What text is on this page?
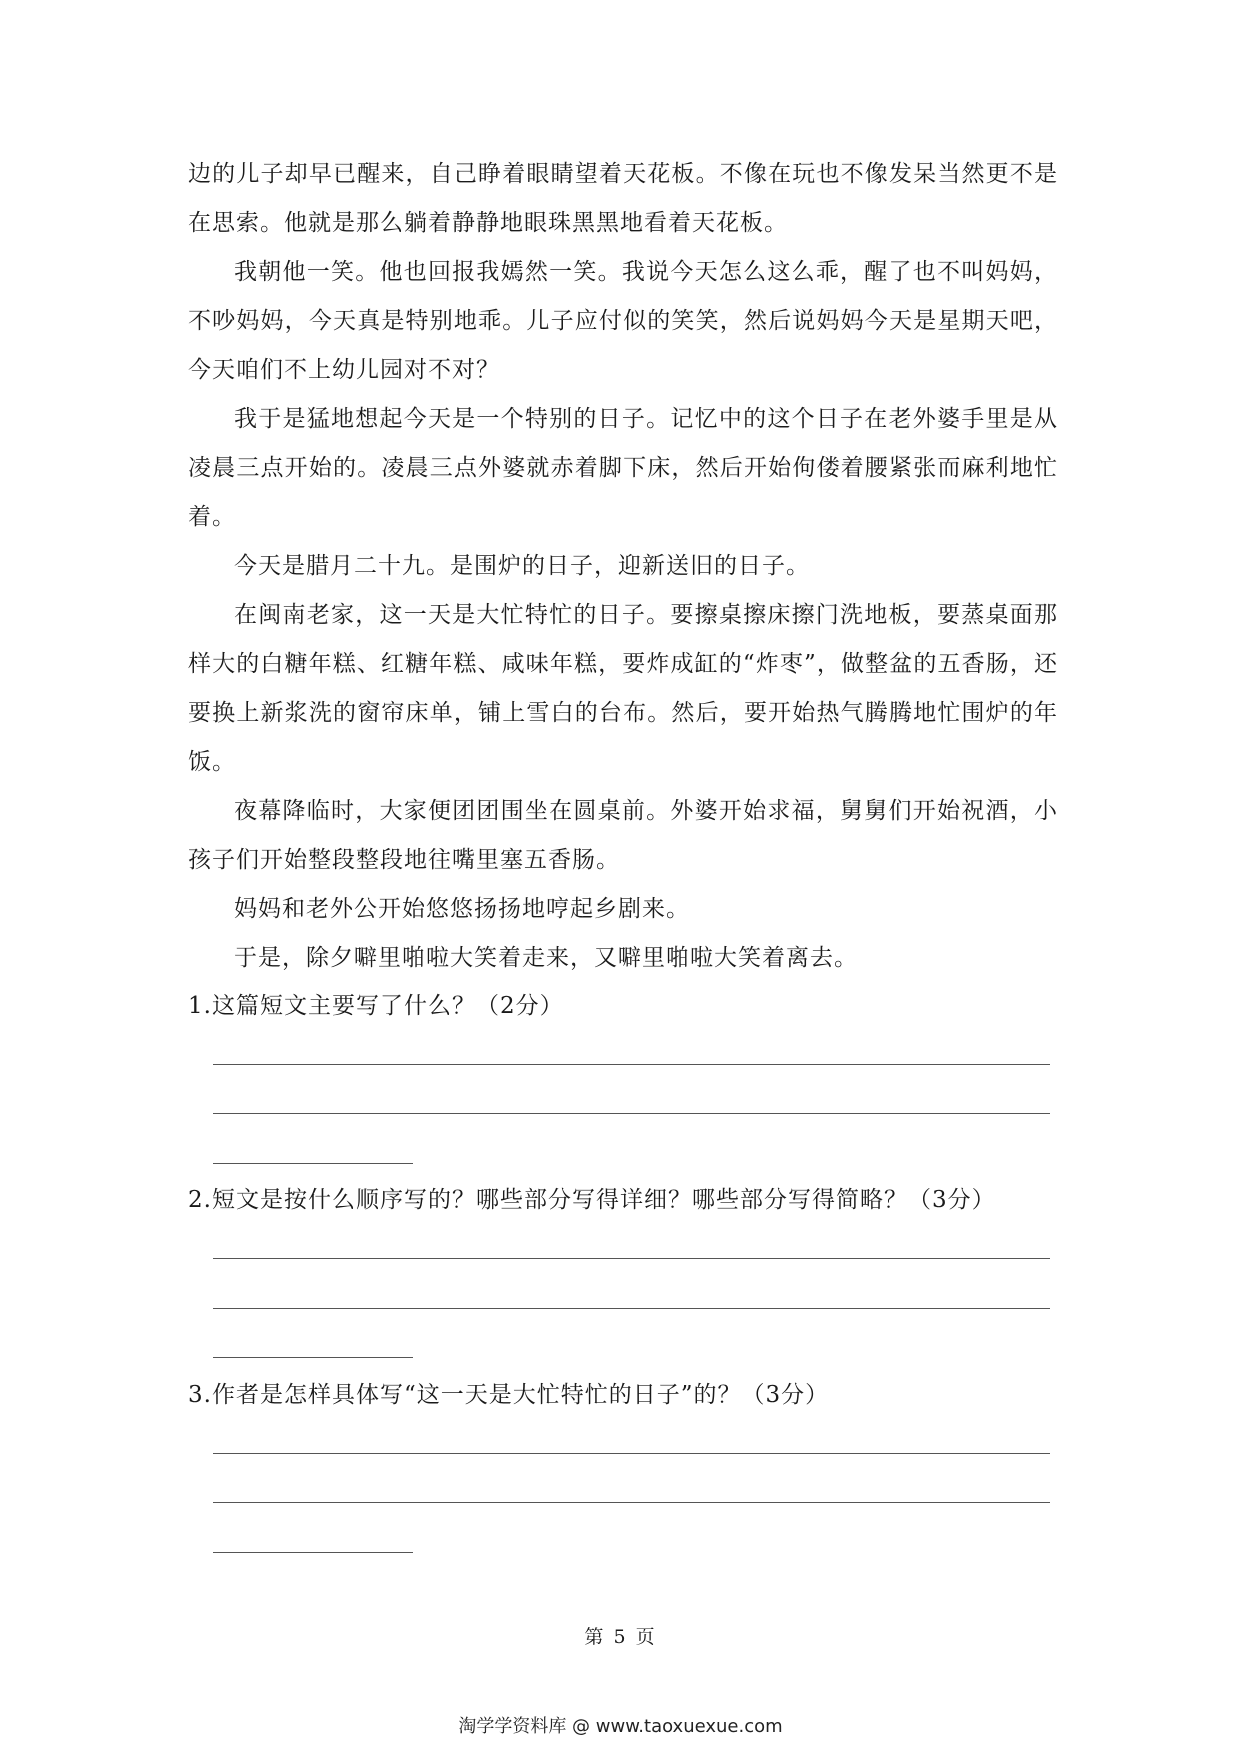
边的儿子却早已醒来，自己睁着眼睛望着天花板。不像在玩也不像发呆当然更不是在思索。他就是那么躺着静静地眼珠黑黑地看着天花板。

我朝他一笑。他也回报我嫣然一笑。我说今天怎么这么乖，醒了也不叫妈妈，不吵妈妈，今天真是特别地乖。儿子应付似的笑笑，然后说妈妈今天是星期天吧，今天咱们不上幼儿园对不对？

我于是猛地想起今天是一个特别的日子。记忆中的这个日子在老外婆手里是从凌晨三点开始的。凌晨三点外婆就赤着脚下床，然后开始佝偻着腰紧张而麻利地忙着。

今天是腊月二十九。是围炉的日子，迎新送旧的日子。

在闽南老家，这一天是大忙特忙的日子。要擦桌擦床擦门洗地板，要蒸桌面那样大的白糖年糕、红糖年糕、咸味年糕，要炸成缸的“炸枣”，做整盆的五香肠，还要换上新浆洗的窗帘床单，铺上雪白的台布。然后，要开始热气腾腾地忙围炉的年饭。

夜幕降临时，大家便团团围坐在圆桌前。外婆开始求福，舅舅们开始祝酒，小孩子们开始整段整段地往嘴里塞五香肠。

妈妈和老外公开始悠悠扬扬地哼起乡剧来。

于是，除夕噼里啪啦大笑着走来，又噼里啪啦大笑着离去。

1.这篇短文主要写了什么？（2分）

2.短文是按什么顺序写的？哪些部分写得详细？哪些部分写得简略？（3分）

3.作者是怎样具体写“这一天是大忙特忙的日子”的？（3分）

第 5 页
淘学学资料库 @ www.taoxuexue.com
